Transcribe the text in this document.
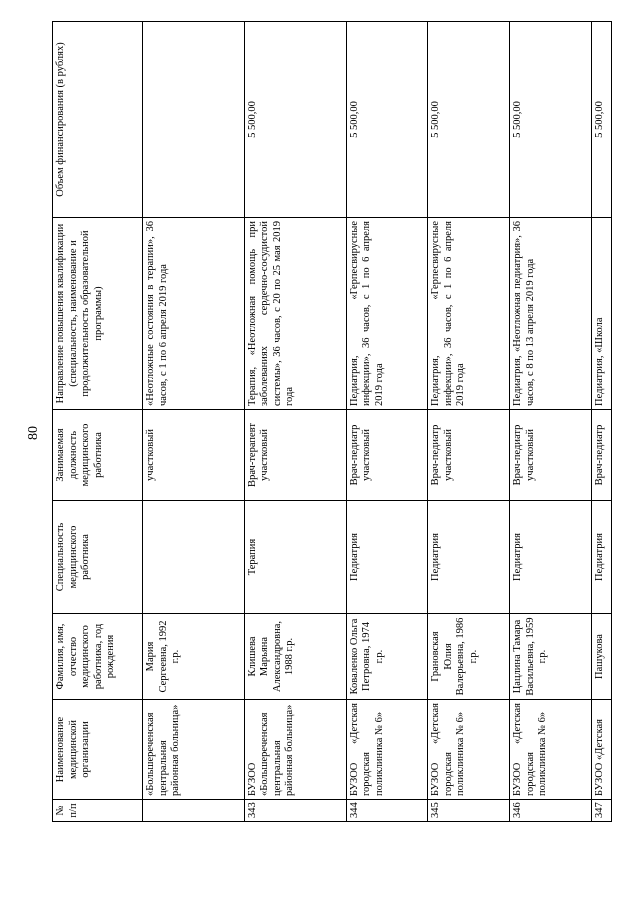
80
№ п/п	Наименование медицинской организации	Фамилия, имя, отчество медицинского работника, год рождения	Специальность медицинского работника	Занимаемая должность медицинского работника	Направление повышения квалификации (специальность, наименование и продолжительность образовательной программы)	Объем финансирования (в рублях)
	«Большереченская центральная районная больница»	Мария Сергеевна, 1992 г.р.		участковый	«Неотложные состояния в терапии», 36 часов, с 1 по 6 апреля 2019 года	
343	БУЗОО «Большереченская центральная районная больница»	Клишева Марьяна Александровна, 1988 г.р.	Терапия	Врач-терапевт участковый	Терапия, «Неотложная помощь при заболеваниях сердечно-сосудистой системы», 36 часов, с 20 по 25 мая 2019 года	5 500,00
344	БУЗОО «Детская городская поликлиника № 6»	Коваленко Ольга Петровна, 1974 г.р.	Педиатрия	Врач-педиатр участковый	Педиатрия, «Герпесвирусные инфекции», 36 часов, с 1 по 6 апреля 2019 года	5 500,00
345	БУЗОО «Детская городская поликлиника № 6»	Грановская Юлия Валерьевна, 1986 г.р.	Педиатрия	Врач-педиатр участковый	Педиатрия, «Герпесвирусные инфекции», 36 часов, с 1 по 6 апреля 2019 года	5 500,00
346	БУЗОО «Детская городская поликлиника № 6»	Цацлина Тамара Васильевна, 1959 г.р.	Педиатрия	Врач-педиатр участковый	Педиатрия, «Неотложная педиатрия», 36 часов, с 8 по 13 апреля 2019 года	5 500,00
347	БУЗОО «Детская	Пашукова	Педиатрия	Врач-педиатр	Педиатрия, «Школа	5 500,00
